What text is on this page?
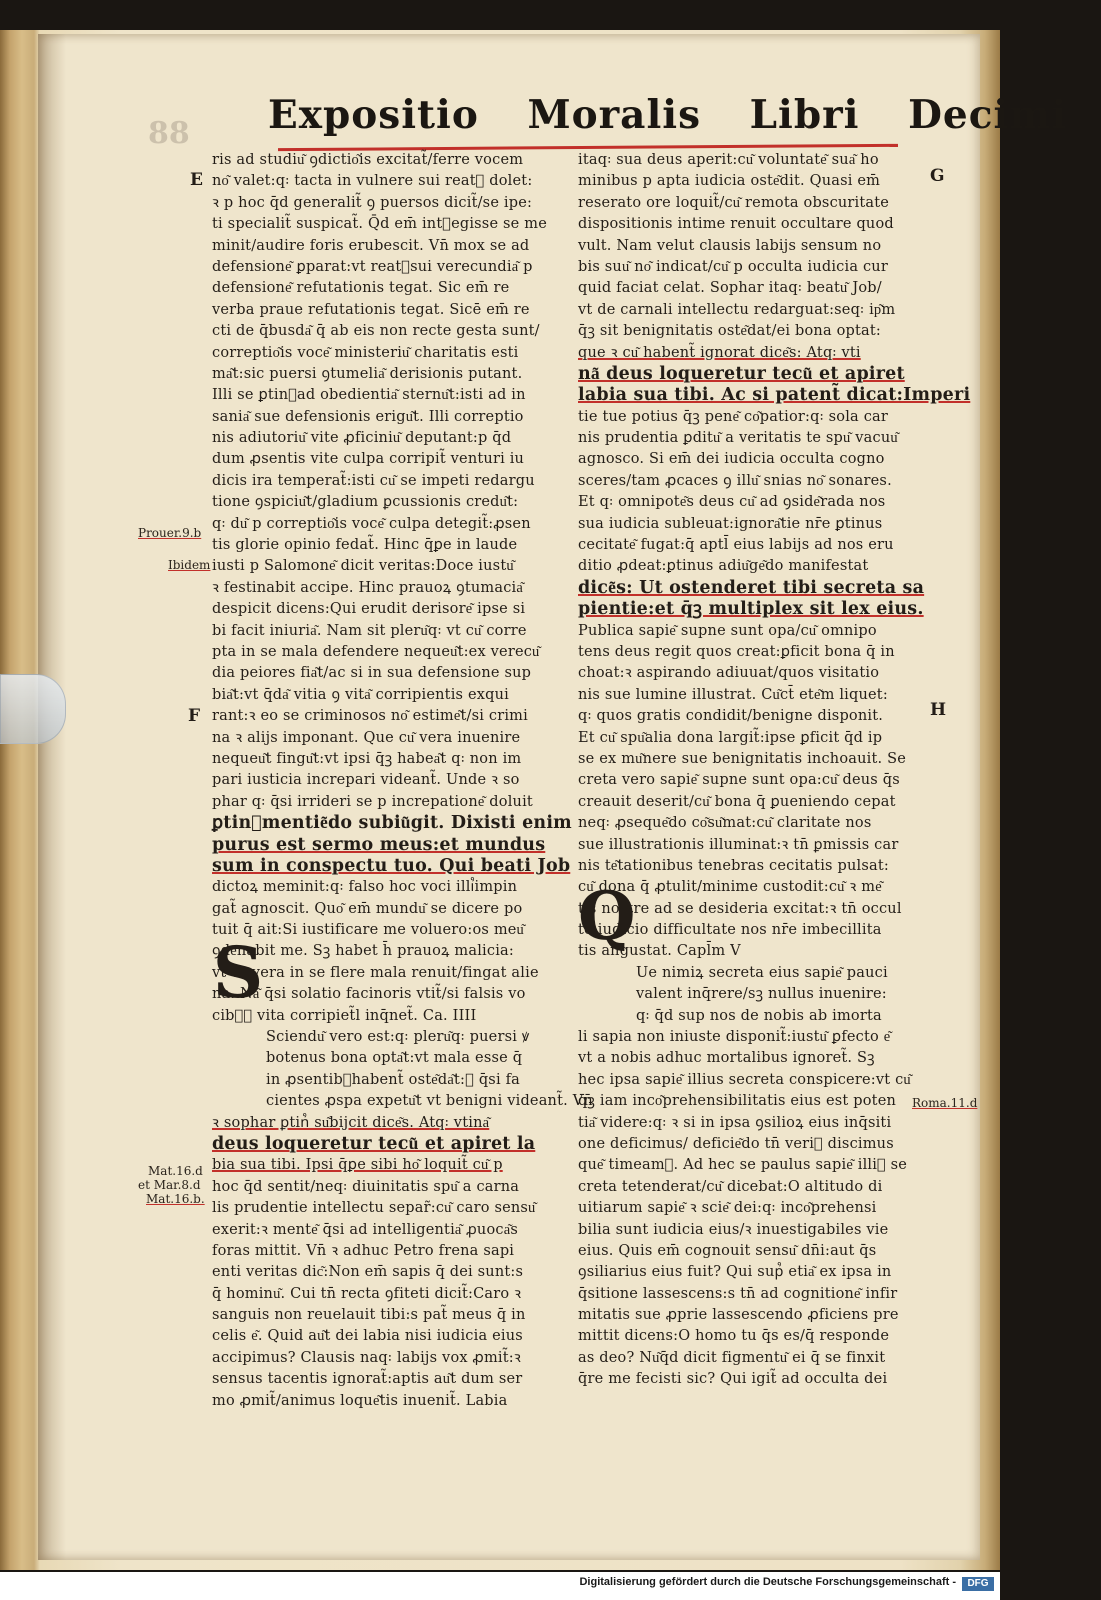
88 Expositio Moralis Libri Decimi
ris ad studiu͂ ꝯdictio͂is excitat̃/ferre vocem
no͂ valet:q꞉ tacta in vulnere sui reat᷒ dolet:
ꝛ p hoc q̄d generalit̃ ꝯ puersos dicit̃/se ipe:
ti specialit̃ suspicat̃. Q̄d em̄ int᷒egisse se me
minit/audire foris erubescit. Vn̄ mox se ad
defensione͂ ꝑparat:vt reat᷒sui verecundia͂ p
defensione͂ refutationis tegat. Sic em̄ re
verba praue refutationis tegat. Sicē em̄ re
cti de q̄busda͂ q̄ ab eis non recte gesta sunt/
correptio͂is voce͂ ministeriu͂ charitatis esti
ma͂t:sic puersi ꝯtumelia͂ derisionis putant.
Illi se ꝑtin᷒ad obedientia͂ sternu͂t:isti ad in
sania͂ sue defensionis erigu͂t. Illi correptio
nis adiutoriu͂ vite ꝓficiniu͂ deputant:p q̄d
dum ꝓsentis vite culpa corripit̃ venturi iu
dicis ira temperat̃:isti cu͂ se impeti redargu
tione ꝯspiciu͂t/gladium ꝑcussionis credu͂t:
q꞉ du͂ p correptio͂is voce͂ culpa detegit̃:ꝓsen
tis glorie opinio fedat̃. Hinc q̄ꝑe in laude
iusti p Salomone͂ dicit veritas:Doce iustu͂
ꝛ festinabit accipe. Hinc prauoꝝ ꝯtumacia͂
despicit dicens:Qui erudit derisore͂ ipse si
bi facit iniuria͂. Nam sit pleru͂q꞉ vt cu͂ corre
pta in se mala defendere nequeu͂t:ex verecu͂
dia peiores fia͂t/ac si in sua defensione sup
bia͂t:vt q̄da͂ vitia ꝯ vita͂ corripientis exqui
rant:ꝛ eo se criminosos no͂ estime͂t/si crimi
na ꝛ alijs imponant. Que cu͂ vera inuenire
nequeu͂t fingu͂t:vt ipsi q̄ꝫ habea͂t q꞉ non im
pari iusticia increpari videant̃. Unde ꝛ so
phar q꞉ q̄si irrideri se p increpatione͂ doluit
ꝑtin᷒mentie͂do subiu͂git. Dixisti enim
purus est sermo meus:et mundus
sum in conspectu tuo. Qui beati Job
dictoꝝ meminit:q꞉ falso hoc voci illi᷒impin
gat̃ agnoscit. Quo͂ em̄ mundu͂ se dicere po
tuit q̄ ait:Si iustificare me voluero:os meu͂
ꝯde͂nabit me. Sꝫ habet h̄ prauoꝝ malicia:
vt cu͂ vera in se flere mala renuit/fingat alie
na. Na͂ q̄si solatio facinoris vtit̃/si falsis vo
cib᷒ꝛ vita corripiet̃l inq̄net̃. Ca. IIII
Sciendu͂ vero est:q꞉ pleru͂q꞉ puersi ꝟ
botenus bona opta͂t:vt mala esse q̄
in ꝓsentib᷒habent̃ oste͂da͂t:ꝛ q̄si fa
cientes ꝓspa expetu͂t vt benigni videant̃. Vn̄
ꝛ sophar ꝑtin᷒ su͂bijcit dice͂s. Atq꞉ vtina͂
deus loqueretur tecu͂ et apiret la
bia sua tibi. Ipsi q̄ꝑe sibi ho͂ loquit̃ cu͂ p
hoc q̄d sentit/neq꞉ diuinitatis spu͂ a carna
lis prudentie intellectu separ̃:cu͂ caro sensu͂
exerit:ꝛ mente͂ q̄si ad intelligentia͂ ꝓuoca͂s
foras mittit. Vn̄ ꝛ adhuc Petro frena sapi
enti veritas dic͂:Non em̄ sapis q̄ dei sunt:s
q̄ hominu͂. Cui tn̄ recta ꝯfiteti dicit̃:Caro ꝛ
sanguis non reuelauit tibi:s pat̃ meus q̄ in
celis e͂. Quid au͂t dei labia nisi iudicia eius
accipimus? Clausis naq꞉ labijs vox ꝓmit̃:ꝛ
sensus tacentis ignorat̃:aptis au͂t dum ser
mo ꝓmit̃/animus loque͂tis inuenit̃. Labia
itaq꞉ sua deus aperit:cu͂ voluntate͂ sua͂ ho
minibus p apta iudicia oste͂dit. Quasi em̄
reserato ore loquit̃/cu͂ remota obscuritate
dispositionis intime renuit occultare quod
vult. Nam velut clausis labijs sensum no
bis suu͂ no͂ indicat/cu͂ p occulta iudicia cur
quid faciat celat. Sophar itaq꞉ beatu͂ Job/
vt de carnali intellectu redarguat:seq꞉ ip͂m
q̄ꝫ sit benignitatis oste͂dat/ei bona optat:
que ꝛ cu͂ habent̃ ignorat dice͂s: Atq꞉ vti
na͂ deus loqueretur tecu͂ et apiret
labia sua tibi. Ac si patent̃ dicat:Imperi
tie tue potius q̄ꝫ pene͂ co͂patior:q꞉ sola car
nis prudentia ꝑditu͂ a veritatis te spu͂ vacuu͂
agnosco. Si em̄ dei iudicia occulta cogno
sceres/tam ꝓcaces ꝯ illu͂ snias no͂ sonares.
Et q꞉ omnipote͂s deus cu͂ ad ꝯside͂rada nos
sua iudicia subleuat:ignora͂tie nr̄e ꝑtinus
cecitate͂ fugat:q̄ aptl̄ eius labijs ad nos eru
ditio ꝓdeat:ꝑtinus adiu͂ge͂do manifestat
dice͂s: Ut ostenderet tibi secreta sa
pientie:et q̄ꝫ multiplex sit lex eius.
Publica sapie͂ supne sunt opa/cu͂ omnipo
tens deus regit quos creat:ꝑficit bona q̄ in
choat:ꝛ aspirando adiuuat/quos visitatio
nis sue lumine illustrat. Cu͂ct̄ ete͂m liquet:
q꞉ quos gratis condidit/benigne disponit.
Et cu͂ spu͂alia dona largit̃:ipse ꝑficit q̄d ip
se ex mu͂nere sue benignitatis inchoauit. Se
creta vero sapie͂ supne sunt opa:cu͂ deus q̄s
creauit deserit/cu͂ bona q̄ ꝑueniendo cepat
neq꞉ ꝓseque͂do co͂su͂mat:cu͂ claritate nos
sue illustrationis illuminat:ꝛ tn̄ ꝑmissis car
nis te͂tationibus tenebras cecitatis pulsat:
cu͂ dona q̄ ꝓtulit/minime custodit:cu͂ ꝛ me͂
tis nostre ad se desideria excitat:ꝛ tn̄ occul
to iudicio difficultate nos nr̄e imbecillita
tis angustat. Capl̄m V
Ue nimiꝝ secreta eius sapie͂ pauci
valent inq̄rere/sꝫ nullus inuenire:
q꞉ q̄d sup nos de nobis ab imorta
li sapia non iniuste disponit̃:iustu͂ ꝑfecto e͂
vt a nobis adhuc mortalibus ignoret̃. Sꝫ
hec ipsa sapie͂ illius secreta conspicere:vt cu͂
q̄ꝫ iam inco͂prehensibilitatis eius est poten
tia͂ videre:q꞉ ꝛ si in ipsa ꝯsilioꝝ eius inq̄siti
one deficimus/ deficie͂do tn̄ veri᷒ discimus
que͂ timeam᷒. Ad hec se paulus sapie͂ illi᷒ se
creta tetenderat/cu͂ dicebat:O altitudo di
uitiarum sapie͂ ꝛ scie͂ dei:q꞉ inco͂prehensi
bilia sunt iudicia eius/ꝛ inuestigabiles vie
eius. Quis em̄ cognouit sensu͂ dn̄i:aut q̄s
ꝯsiliarius eius fuit? Qui sup᷒ etia͂ ex ipsa in
q̄sitione lassescens:s tn̄ ad cognitione͂ infir
mitatis sue ꝓprie lassescendo ꝓficiens pre
mittit dicens:O homo tu q̄s es/q̄ responde
as deo? Nu͂q̄d dicit figmentu͂ ei q̄ se finxit
q̄re me fecisti sic? Qui igit̃ ad occulta dei
E	G
F	H
Prouer.9.b
Ibidem
Roma.11.d
Mat.16.d
et Mar.8.d
Mat.16.b.
S
Q
Digitalisierung gefördert durch die Deutsche Forschungsgemeinschaft -	DFG
